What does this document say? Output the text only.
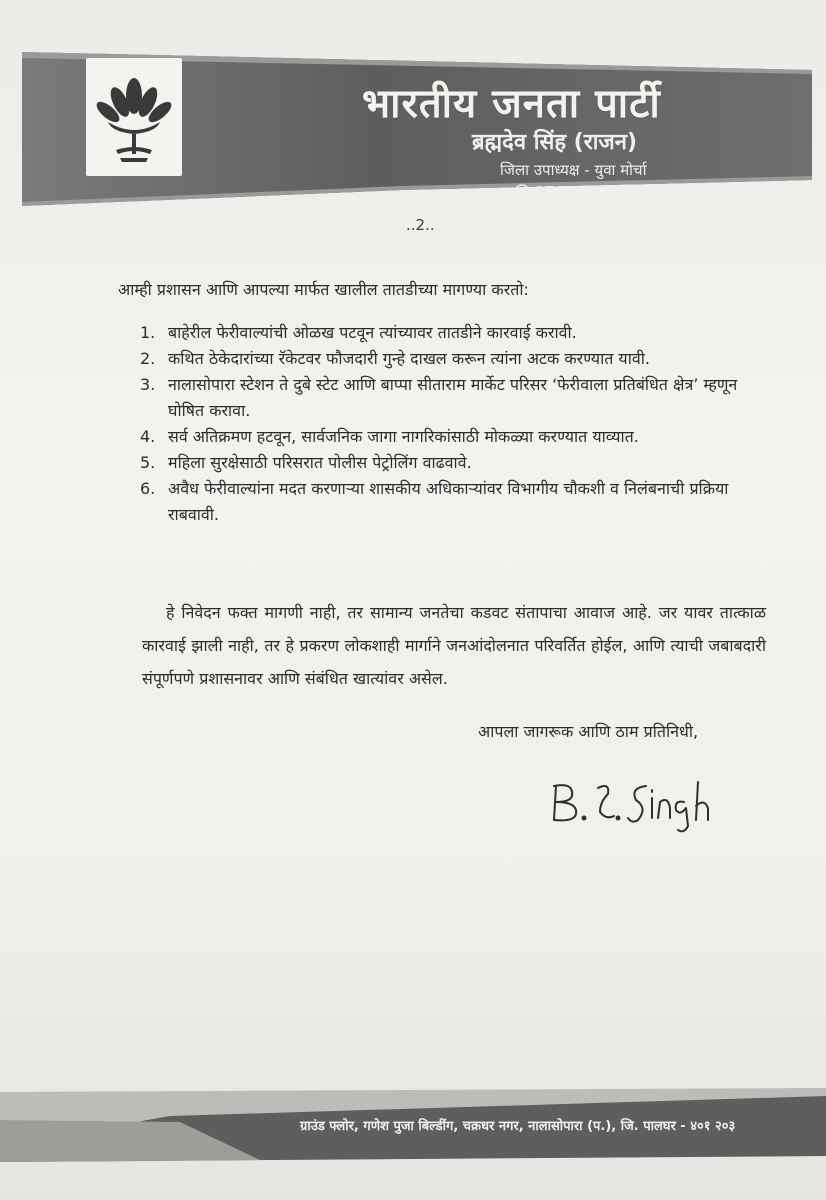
भारतीय जनता पार्टी
ब्रह्मदेव सिंह (राजन)
जिला उपाध्यक्ष - युवा मोर्चा
9764854143
..2..
आम्ही प्रशासन आणि आपल्या मार्फत खालील तातडीच्या मागण्या करतो:
1. बाहेरील फेरीवाल्यांची ओळख पटवून त्यांच्यावर तातडीने कारवाई करावी.
2. कथित ठेकेदारांच्या रॅकेटवर फौजदारी गुन्हे दाखल करून त्यांना अटक करण्यात यावी.
3. नालासोपारा स्टेशन ते दुबे स्टेट आणि बाप्पा सीताराम मार्केट परिसर ‘फेरीवाला प्रतिबंधित क्षेत्र’ म्हणून घोषित करावा.
4. सर्व अतिक्रमण हटवून, सार्वजनिक जागा नागरिकांसाठी मोकळ्या करण्यात याव्यात.
5. महिला सुरक्षेसाठी परिसरात पोलीस पेट्रोलिंग वाढवावे.
6. अवैध फेरीवाल्यांना मदत करणाऱ्या शासकीय अधिकाऱ्यांवर विभागीय चौकशी व निलंबनाची प्रक्रिया राबवावी.
हे निवेदन फक्त मागणी नाही, तर सामान्य जनतेचा कडवट संतापाचा आवाज आहे. जर यावर तात्काळ कारवाई झाली नाही, तर हे प्रकरण लोकशाही मार्गाने जनआंदोलनात परिवर्तित होईल, आणि त्याची जबाबदारी संपूर्णपणे प्रशासनावर आणि संबंधित खात्यांवर असेल.
आपला जागरूक आणि ठाम प्रतिनिधी,
ग्राउंड फ्लोर, गणेश पुजा बिल्डींग, चक्रधर नगर, नालासोपारा (प.), जि. पालघर - ४०१ २०३
